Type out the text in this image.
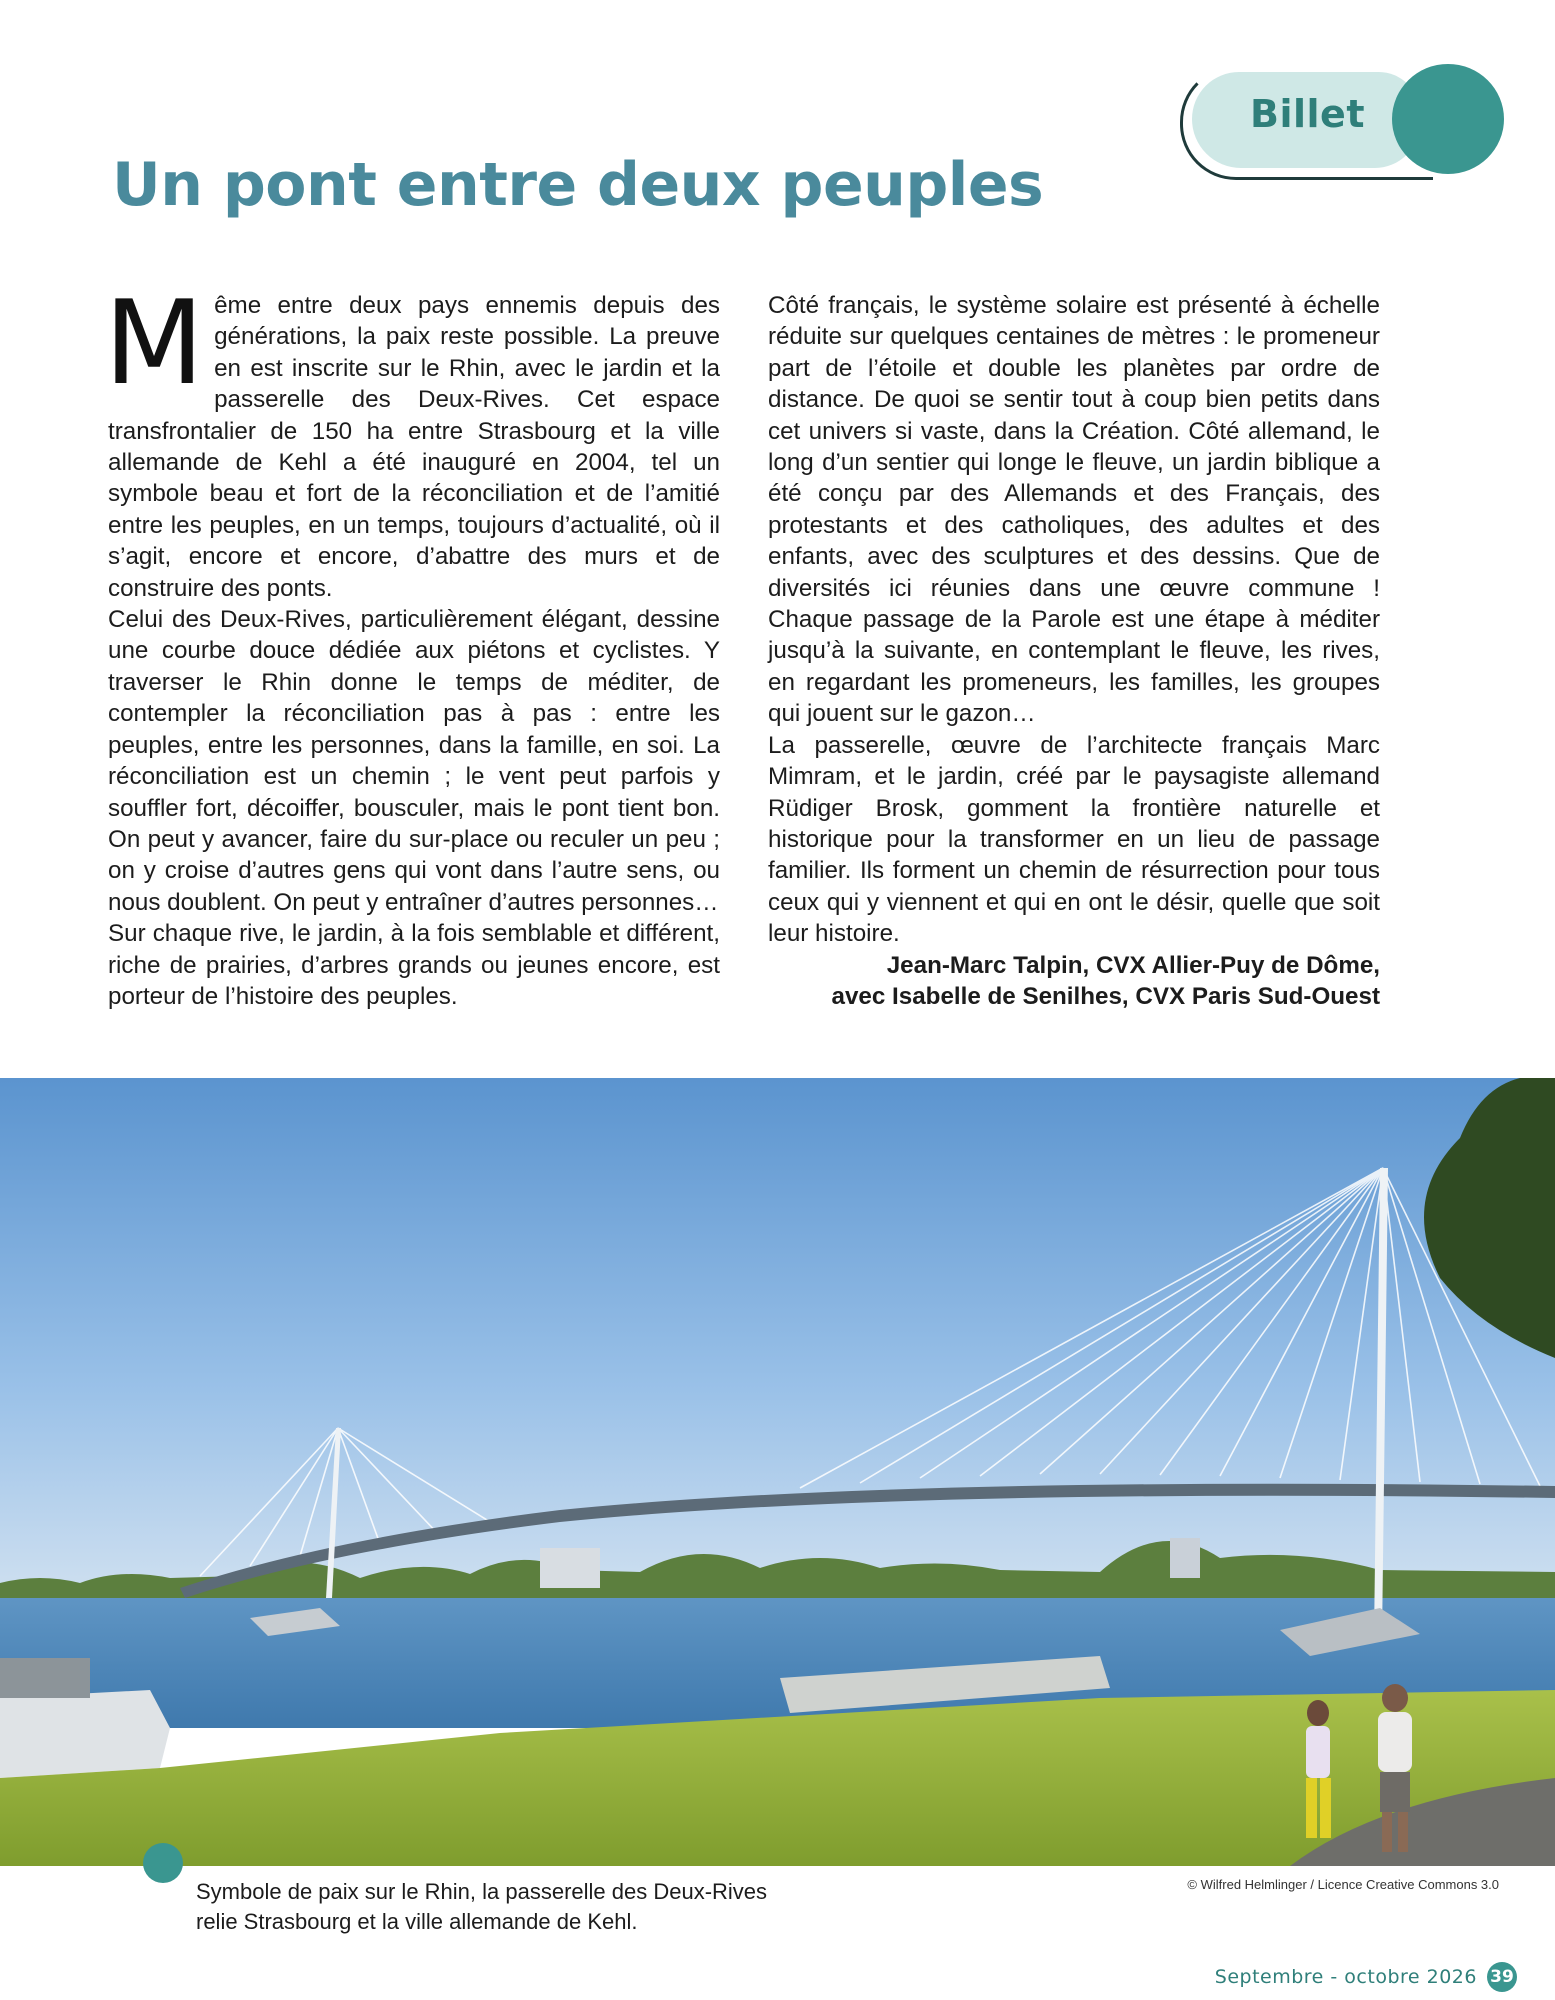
Billet
Un pont entre deux peuples

Même entre deux pays ennemis depuis des générations, la paix reste possible. La preuve en est inscrite sur le Rhin, avec le jardin et la passerelle des Deux-Rives. Cet espace transfrontalier de 150 ha entre Strasbourg et la ville allemande de Kehl a été inauguré en 2004, tel un symbole beau et fort de la réconciliation et de l’amitié entre les peuples, en un temps, toujours d’actualité, où il s’agit, encore et encore, d’abattre des murs et de construire des ponts.

Celui des Deux-Rives, particulièrement élégant, dessine une courbe douce dédiée aux piétons et cyclistes. Y traverser le Rhin donne le temps de méditer, de contempler la réconciliation pas à pas : entre les peuples, entre les personnes, dans la famille, en soi. La réconciliation est un chemin ; le vent peut parfois y souffler fort, décoiffer, bousculer, mais le pont tient bon. On peut y avancer, faire du sur-place ou reculer un peu ; on y croise d’autres gens qui vont dans l’autre sens, ou nous doublent. On peut y entraîner d’autres personnes…

Sur chaque rive, le jardin, à la fois semblable et différent, riche de prairies, d’arbres grands ou jeunes encore, est porteur de l’histoire des peuples.

Côté français, le système solaire est présenté à échelle réduite sur quelques centaines de mètres : le promeneur part de l’étoile et double les planètes par ordre de distance. De quoi se sentir tout à coup bien petits dans cet univers si vaste, dans la Création. Côté allemand, le long d’un sentier qui longe le fleuve, un jardin biblique a été conçu par des Allemands et des Français, des protestants et des catholiques, des adultes et des enfants, avec des sculptures et des dessins. Que de diversités ici réunies dans une œuvre commune ! Chaque passage de la Parole est une étape à méditer jusqu’à la suivante, en contemplant le fleuve, les rives, en regardant les promeneurs, les familles, les groupes qui jouent sur le gazon…

La passerelle, œuvre de l’architecte français Marc Mimram, et le jardin, créé par le paysagiste allemand Rüdiger Brosk, gomment la frontière naturelle et historique pour la transformer en un lieu de passage familier. Ils forment un chemin de résurrection pour tous ceux qui y viennent et qui en ont le désir, quelle que soit leur histoire.

Jean-Marc Talpin, CVX Allier-Puy de Dôme,
avec Isabelle de Senilhes, CVX Paris Sud-Ouest

Symbole de paix sur le Rhin, la passerelle des Deux-Rives
relie Strasbourg et la ville allemande de Kehl.

© Wilfred Helmlinger / Licence Creative Commons 3.0
Septembre - octobre 2026 39
